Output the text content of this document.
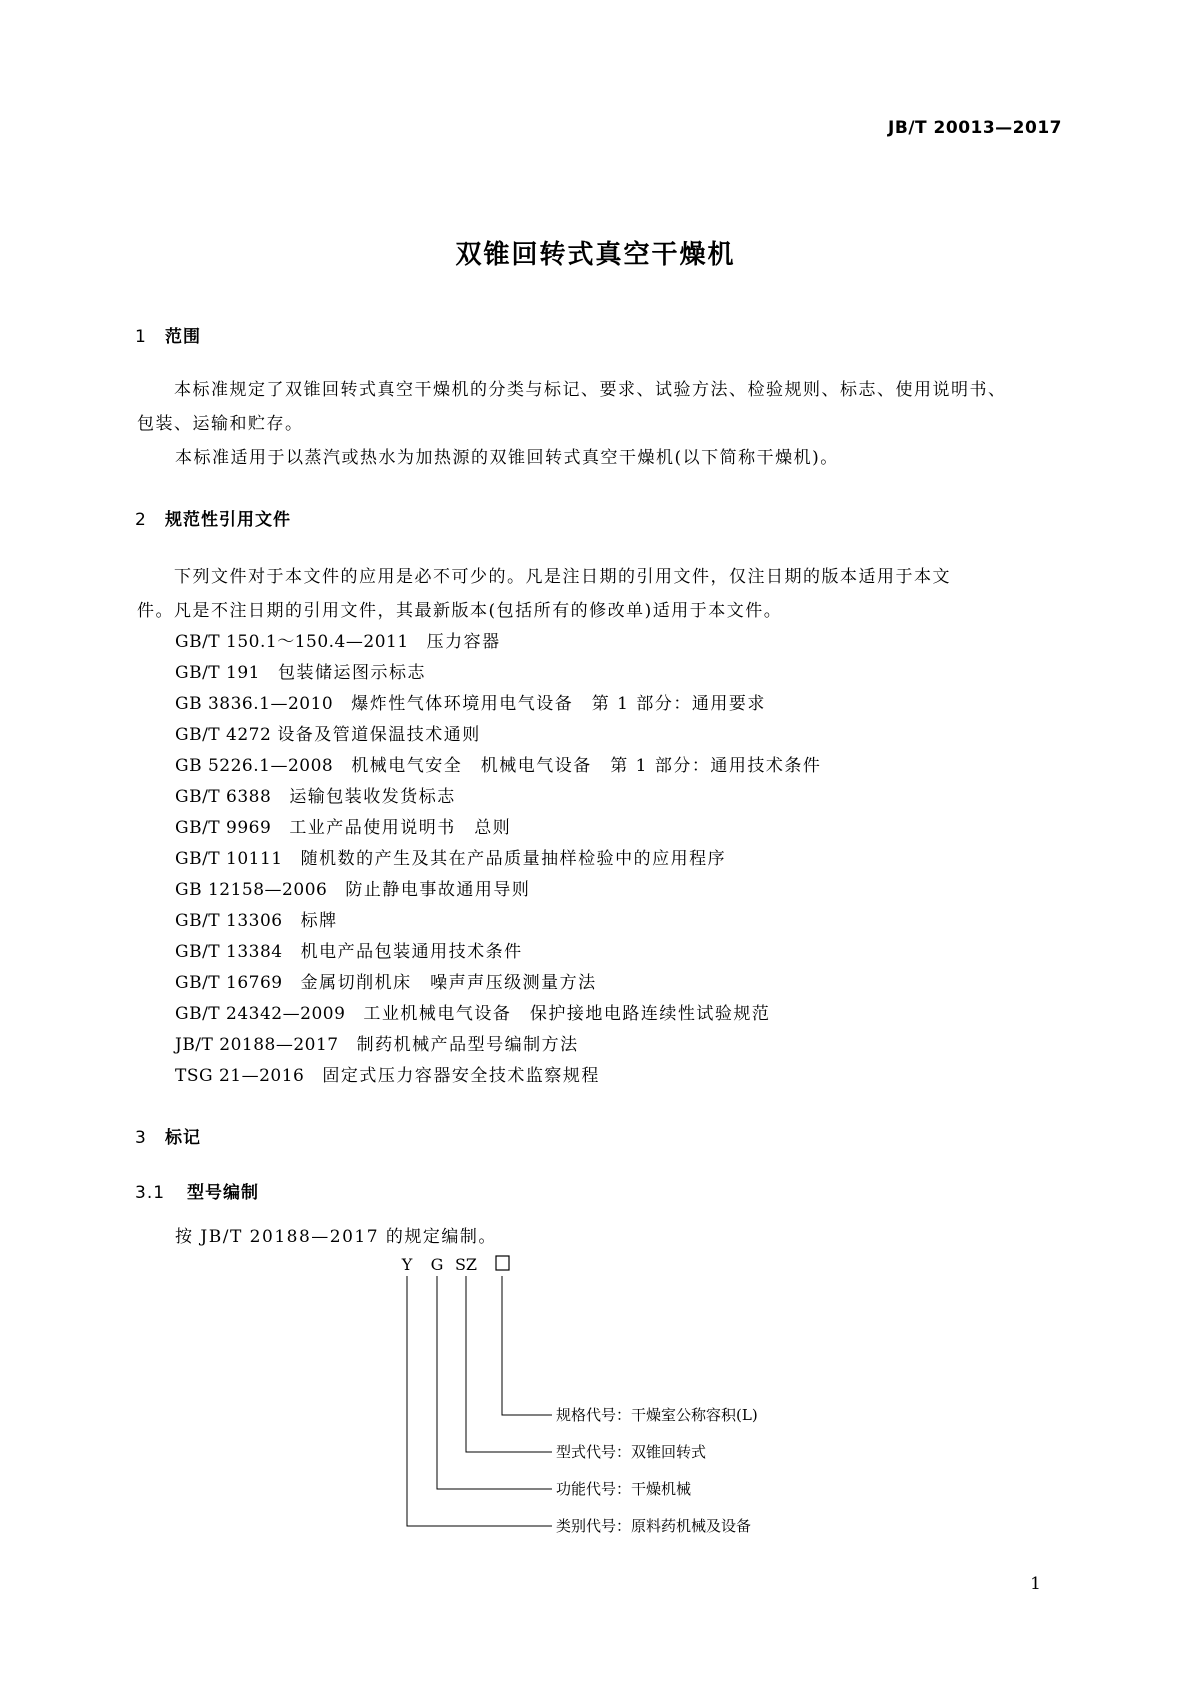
JB/T 20013—2017
双锥回转式真空干燥机
1 范围
本标准规定了双锥回转式真空干燥机的分类与标记、要求、试验方法、检验规则、标志、使用说明书、
包装、运输和贮存。
本标准适用于以蒸汽或热水为加热源的双锥回转式真空干燥机(以下简称干燥机)。
2 规范性引用文件
下列文件对于本文件的应用是必不可少的。凡是注日期的引用文件，仅注日期的版本适用于本文
件。凡是不注日期的引用文件，其最新版本(包括所有的修改单)适用于本文件。
GB/T 150.1～150.4—2011 压力容器
GB/T 191 包装储运图示标志
GB 3836.1—2010 爆炸性气体环境用电气设备　第 1 部分：通用要求
GB/T 4272 设备及管道保温技术通则
GB 5226.1—2008 机械电气安全　机械电气设备　第 1 部分：通用技术条件
GB/T 6388 运输包装收发货标志
GB/T 9969 工业产品使用说明书　总则
GB/T 10111 随机数的产生及其在产品质量抽样检验中的应用程序
GB 12158—2006 防止静电事故通用导则
GB/T 13306 标牌
GB/T 13384 机电产品包装通用技术条件
GB/T 16769 金属切削机床　噪声声压级测量方法
GB/T 24342—2009 工业机械电气设备　保护接地电路连续性试验规范
JB/T 20188—2017 制药机械产品型号编制方法
TSG 21—2016 固定式压力容器安全技术监察规程
3 标记
3.1 型号编制
按 JB/T 20188—2017 的规定编制。
Y G SZ	□
规格代号：干燥室公称容积(L)
型式代号：双锥回转式
功能代号：干燥机械
类别代号：原料药机械及设备
1
